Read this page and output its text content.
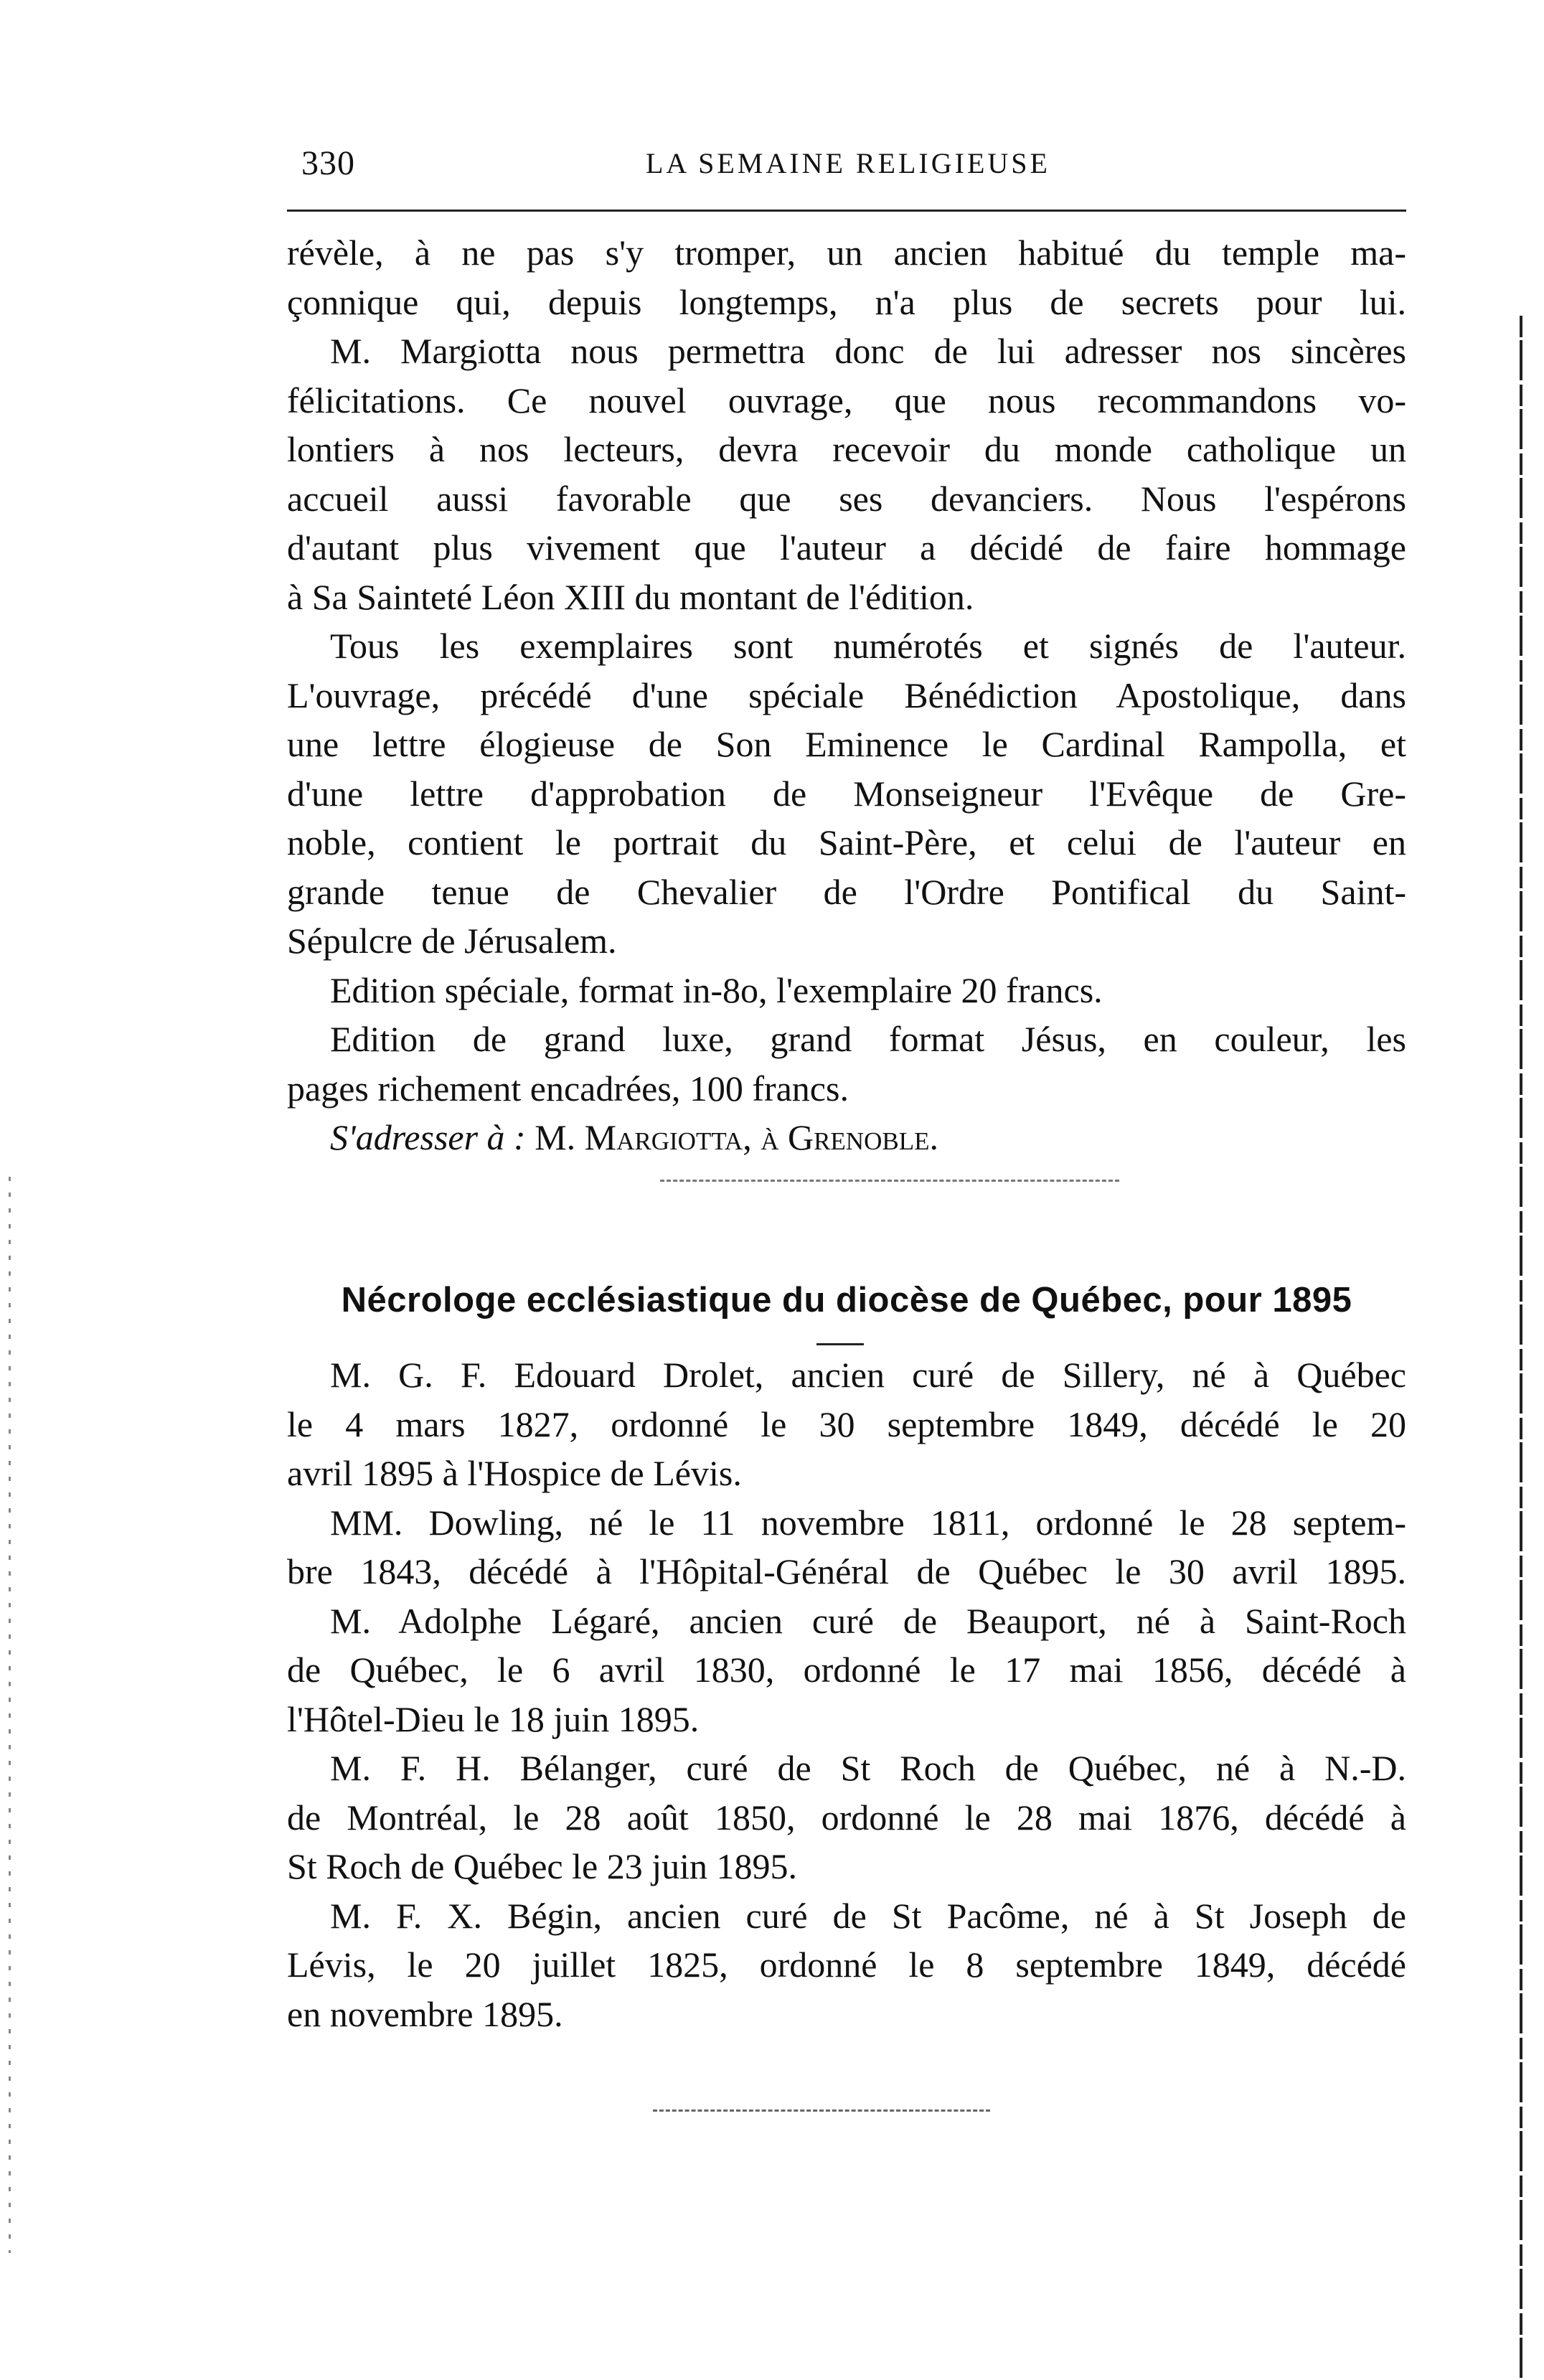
330	LA SEMAINE RELIGIEUSE
révèle, à ne pas s'y tromper, un ancien habitué du temple ma-
çonnique qui, depuis longtemps, n'a plus de secrets pour lui.
M. Margiotta nous permettra donc de lui adresser nos sincères
félicitations. Ce nouvel ouvrage, que nous recommandons vo-
lontiers à nos lecteurs, devra recevoir du monde catholique un
accueil aussi favorable que ses devanciers. Nous l'espérons
d'autant plus vivement que l'auteur a décidé de faire hommage
à Sa Sainteté Léon XIII du montant de l'édition.
Tous les exemplaires sont numérotés et signés de l'auteur.
L'ouvrage, précédé d'une spéciale Bénédiction Apostolique, dans
une lettre élogieuse de Son Eminence le Cardinal Rampolla, et
d'une lettre d'approbation de Monseigneur l'Evêque de Gre-
noble, contient le portrait du Saint-Père, et celui de l'auteur en
grande tenue de Chevalier de l'Ordre Pontifical du Saint-
Sépulcre de Jérusalem.
Edition spéciale, format in-8o, l'exemplaire 20 francs.
Edition de grand luxe, grand format Jésus, en couleur, les
pages richement encadrées, 100 francs.
S'adresser à : M. Margiotta, à Grenoble.
Nécrologe ecclésiastique du diocèse de Québec, pour 1895
M. G. F. Edouard Drolet, ancien curé de Sillery, né à Québec
le 4 mars 1827, ordonné le 30 septembre 1849, décédé le 20
avril 1895 à l'Hospice de Lévis.
MM. Dowling, né le 11 novembre 1811, ordonné le 28 septem-
bre 1843, décédé à l'Hôpital-Général de Québec le 30 avril 1895.
M. Adolphe Légaré, ancien curé de Beauport, né à Saint-Roch
de Québec, le 6 avril 1830, ordonné le 17 mai 1856, décédé à
l'Hôtel-Dieu le 18 juin 1895.
M. F. H. Bélanger, curé de St Roch de Québec, né à N.-D.
de Montréal, le 28 août 1850, ordonné le 28 mai 1876, décédé à
St Roch de Québec le 23 juin 1895.
M. F. X. Bégin, ancien curé de St Pacôme, né à St Joseph de
Lévis, le 20 juillet 1825, ordonné le 8 septembre 1849, décédé
en novembre 1895.
